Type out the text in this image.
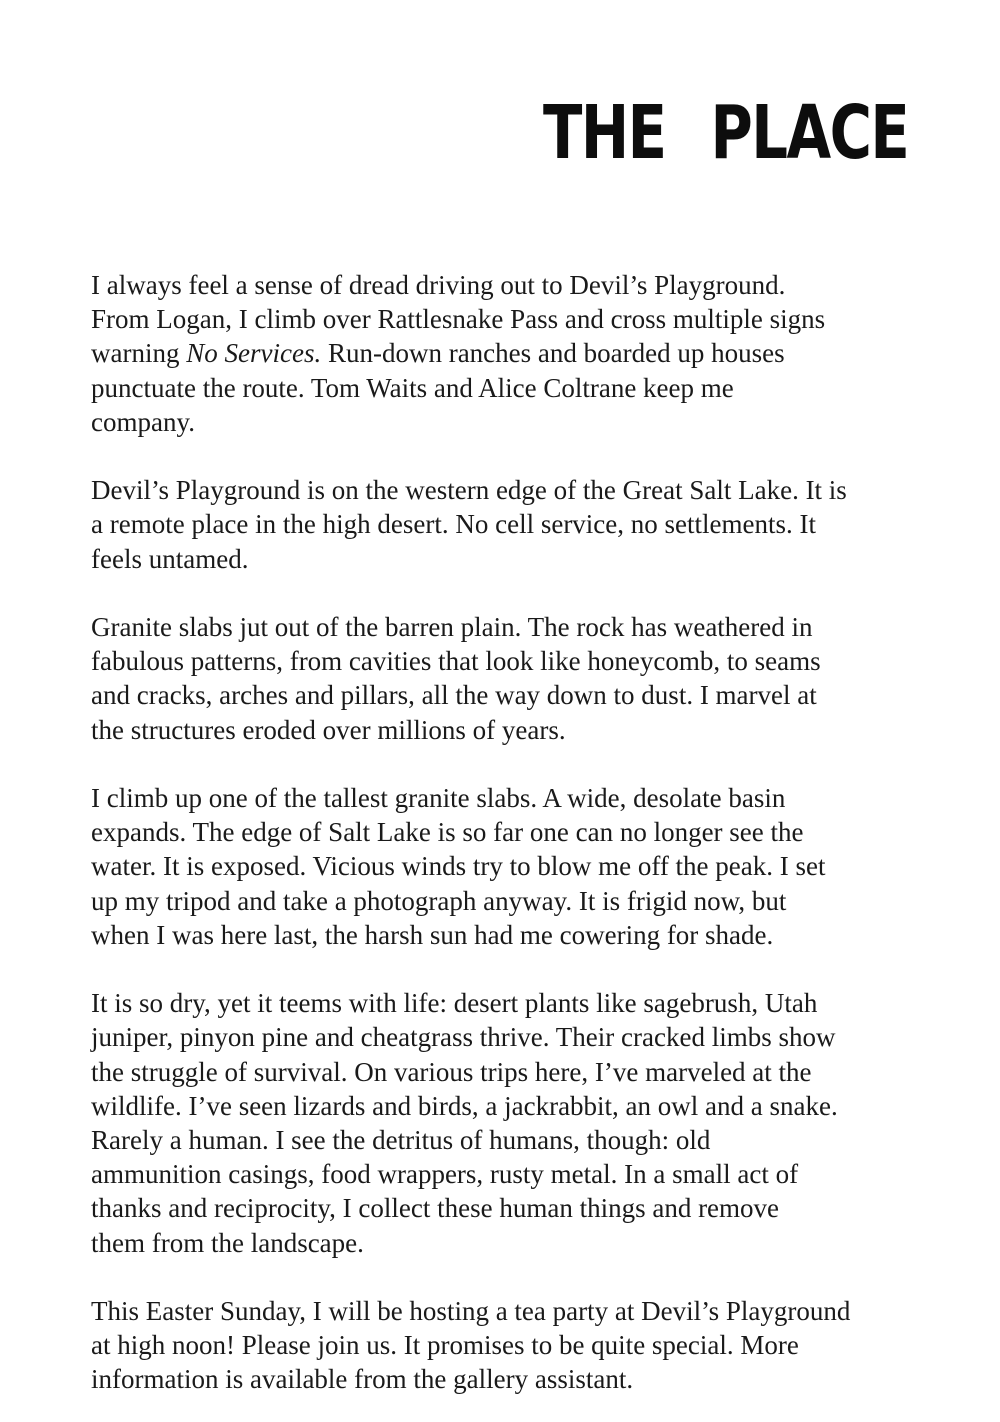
THE PLACE

I always feel a sense of dread driving out to Devil’s Playground.
From Logan, I climb over Rattlesnake Pass and cross multiple signs
warning No Services. Run-down ranches and boarded up houses
punctuate the route. Tom Waits and Alice Coltrane keep me
company.

Devil’s Playground is on the western edge of the Great Salt Lake. It is
a remote place in the high desert. No cell service, no settlements. It
feels untamed.

Granite slabs jut out of the barren plain. The rock has weathered in
fabulous patterns, from cavities that look like honeycomb, to seams
and cracks, arches and pillars, all the way down to dust. I marvel at
the structures eroded over millions of years.

I climb up one of the tallest granite slabs. A wide, desolate basin
expands. The edge of Salt Lake is so far one can no longer see the
water. It is exposed. Vicious winds try to blow me off the peak. I set
up my tripod and take a photograph anyway. It is frigid now, but
when I was here last, the harsh sun had me cowering for shade.

It is so dry, yet it teems with life: desert plants like sagebrush, Utah
juniper, pinyon pine and cheatgrass thrive. Their cracked limbs show
the struggle of survival. On various trips here, I’ve marveled at the
wildlife. I’ve seen lizards and birds, a jackrabbit, an owl and a snake.
Rarely a human. I see the detritus of humans, though: old
ammunition casings, food wrappers, rusty metal. In a small act of
thanks and reciprocity, I collect these human things and remove
them from the landscape.

This Easter Sunday, I will be hosting a tea party at Devil’s Playground
at high noon! Please join us. It promises to be quite special. More
information is available from the gallery assistant.
